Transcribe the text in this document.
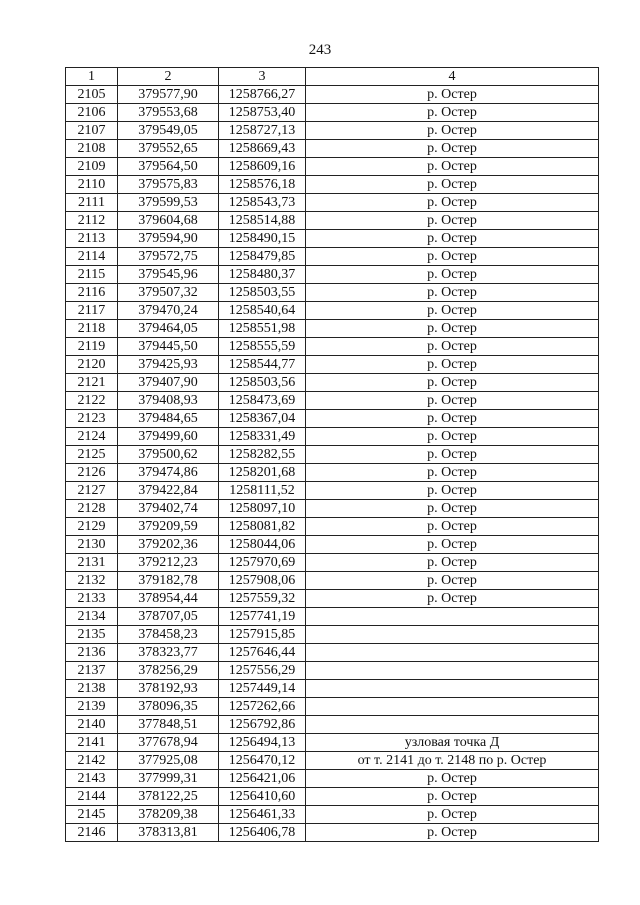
243
1	2	3	4
2105	379577,90	1258766,27	р. Остер
2106	379553,68	1258753,40	р. Остер
2107	379549,05	1258727,13	р. Остер
2108	379552,65	1258669,43	р. Остер
2109	379564,50	1258609,16	р. Остер
2110	379575,83	1258576,18	р. Остер
2111	379599,53	1258543,73	р. Остер
2112	379604,68	1258514,88	р. Остер
2113	379594,90	1258490,15	р. Остер
2114	379572,75	1258479,85	р. Остер
2115	379545,96	1258480,37	р. Остер
2116	379507,32	1258503,55	р. Остер
2117	379470,24	1258540,64	р. Остер
2118	379464,05	1258551,98	р. Остер
2119	379445,50	1258555,59	р. Остер
2120	379425,93	1258544,77	р. Остер
2121	379407,90	1258503,56	р. Остер
2122	379408,93	1258473,69	р. Остер
2123	379484,65	1258367,04	р. Остер
2124	379499,60	1258331,49	р. Остер
2125	379500,62	1258282,55	р. Остер
2126	379474,86	1258201,68	р. Остер
2127	379422,84	1258111,52	р. Остер
2128	379402,74	1258097,10	р. Остер
2129	379209,59	1258081,82	р. Остер
2130	379202,36	1258044,06	р. Остер
2131	379212,23	1257970,69	р. Остер
2132	379182,78	1257908,06	р. Остер
2133	378954,44	1257559,32	р. Остер
2134	378707,05	1257741,19	
2135	378458,23	1257915,85	
2136	378323,77	1257646,44	
2137	378256,29	1257556,29	
2138	378192,93	1257449,14	
2139	378096,35	1257262,66	
2140	377848,51	1256792,86	
2141	377678,94	1256494,13	узловая точка Д
2142	377925,08	1256470,12	от т. 2141 до т. 2148 по р. Остер
2143	377999,31	1256421,06	р. Остер
2144	378122,25	1256410,60	р. Остер
2145	378209,38	1256461,33	р. Остер
2146	378313,81	1256406,78	р. Остер
